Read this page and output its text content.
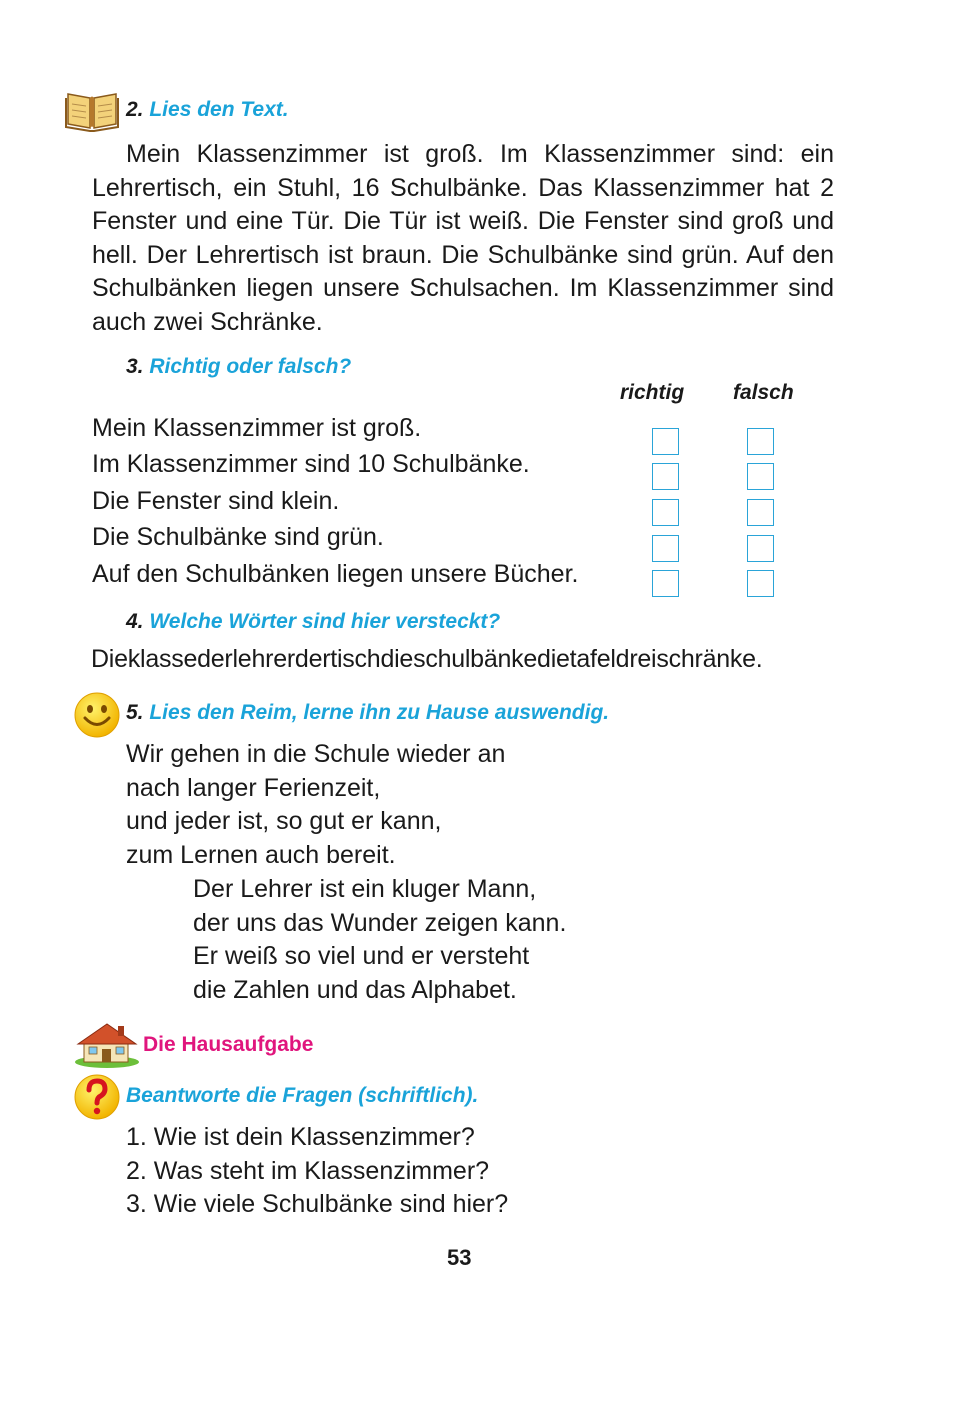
2. Lies den Text.
Mein Klassenzimmer ist groß. Im Klassenzimmer sind: ein Lehrertisch, ein Stuhl, 16 Schulbänke. Das Klassenzimmer hat 2 Fenster und eine Tür. Die Tür ist weiß. Die Fenster sind groß und hell. Der Lehrertisch ist braun. Die Schulbänke sind grün. Auf den Schulbänken liegen unsere Schulsachen. Im Klassenzimmer sind auch zwei Schränke.
3. Richtig oder falsch?
richtig falsch
Mein Klassenzimmer ist groß.
Im Klassenzimmer sind 10 Schulbänke.
Die Fenster sind klein.
Die Schulbänke sind grün.
Auf den Schulbänken liegen unsere Bücher.
4. Welche Wörter sind hier versteckt?
Dieklassederlehrerdertischdieschulbänkedietafeldreischränke.
5. Lies den Reim, lerne ihn zu Hause auswendig.
Wir gehen in die Schule wieder an
nach langer Ferienzeit,
und jeder ist, so gut er kann,
zum Lernen auch bereit.
Der Lehrer ist ein kluger Mann,
der uns das Wunder zeigen kann.
Er weiß so viel und er versteht
die Zahlen und das Alphabet.
Die Hausaufgabe
Beantworte die Fragen (schriftlich).
1. Wie ist dein Klassenzimmer?
2. Was steht im Klassenzimmer?
3. Wie viele Schulbänke sind hier?
53
